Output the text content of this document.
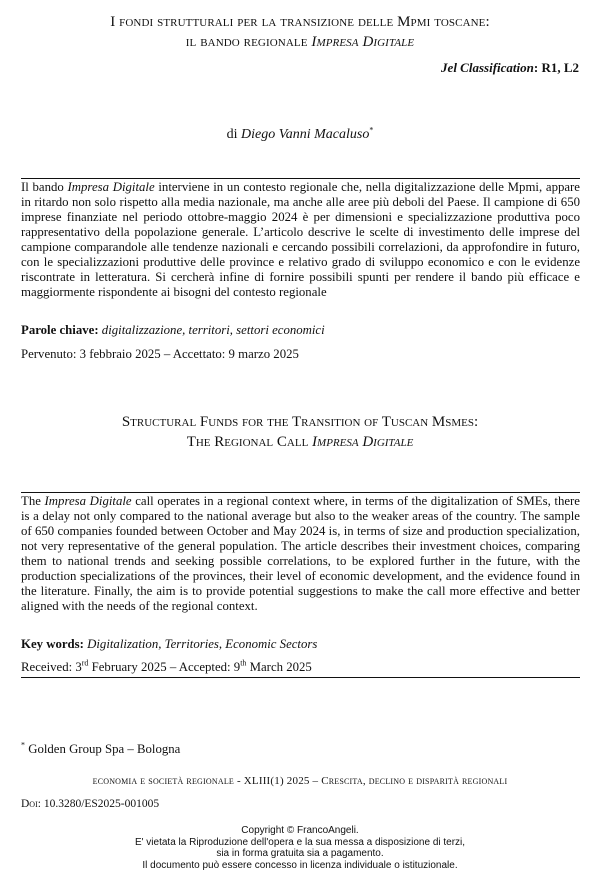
I fondi strutturali per la transizione delle Mpmi toscane:
il bando regionale Impresa Digitale
Jel Classification: R1, L2
di Diego Vanni Macaluso*
Il bando Impresa Digitale interviene in un contesto regionale che, nella digitalizzazione delle Mpmi, appare in ritardo non solo rispetto alla media nazionale, ma anche alle aree più deboli del Paese. Il campione di 650 imprese finanziate nel periodo ottobre-maggio 2024 è per dimensioni e specializzazione produttiva poco rappresentativo della popolazione generale. L’articolo descrive le scelte di investimento delle imprese del campione comparandole alle tendenze nazionali e cercando possibili correlazioni, da approfondire in futuro, con le specializzazioni produttive delle province e relativo grado di sviluppo economico e con le evidenze riscontrate in letteratura. Si cercherà infine di fornire possibili spunti per rendere il bando più efficace e maggiormente rispondente ai bisogni del contesto regionale
Parole chiave: digitalizzazione, territori, settori economici
Pervenuto: 3 febbraio 2025 – Accettato: 9 marzo 2025
Structural Funds for the Transition of Tuscan Msmes:
The Regional Call Impresa Digitale
The Impresa Digitale call operates in a regional context where, in terms of the digitalization of SMEs, there is a delay not only compared to the national average but also to the weaker areas of the country. The sample of 650 companies founded between October and May 2024 is, in terms of size and production specialization, not very representative of the general population. The article describes their investment choices, comparing them to national trends and seeking possible correlations, to be explored further in the future, with the production specializations of the provinces, their level of economic development, and the evidence found in the literature. Finally, the aim is to provide potential suggestions to make the call more effective and better aligned with the needs of the regional context.
Key words: Digitalization, Territories, Economic Sectors
Received: 3rd February 2025 – Accepted: 9th March 2025
* Golden Group Spa – Bologna
economia e società regionale - XLIII(1) 2025 – Crescita, declino e disparità regionali
Doi: 10.3280/ES2025-001005
Copyright © FrancoAngeli.
E' vietata la Riproduzione dell'opera e la sua messa a disposizione di terzi,
sia in forma gratuita sia a pagamento.
Il documento può essere concesso in licenza individuale o istituzionale.
